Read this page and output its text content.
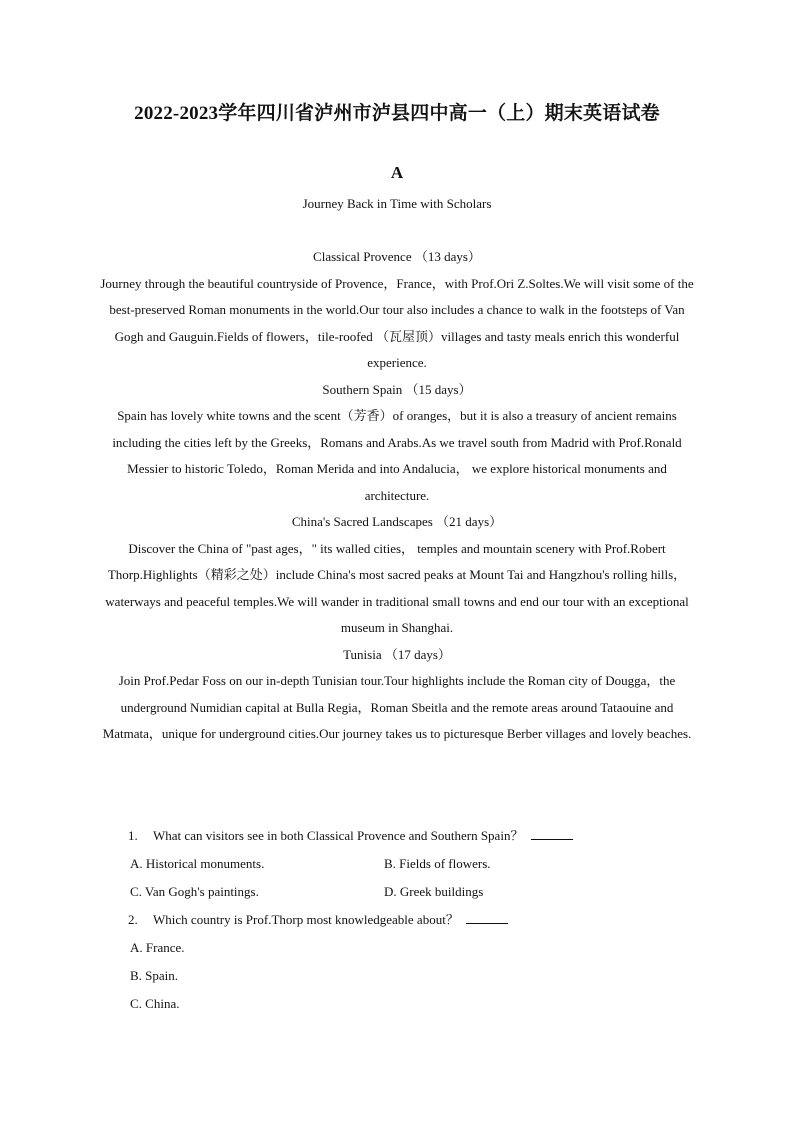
2022-2023学年四川省泸州市泸县四中高一（上）期末英语试卷
A
Journey Back in Time with Scholars

Classical Provence （13 days）

Journey through the beautiful countryside of Provence，France，with Prof.Ori Z.Soltes.We will visit some of the best-preserved Roman monuments in the world.Our tour also includes a chance to walk in the footsteps of Van Gogh and Gauguin.Fields of flowers，tile-roofed （瓦屋顶）villages and tasty meals enrich this wonderful experience.

Southern Spain （15 days）

Spain has lovely white towns and the scent（芳香）of oranges，but it is also a treasury of ancient remains including the cities left by the Greeks，Romans and Arabs.As we travel south from Madrid with Prof.Ronald Messier to historic Toledo，Roman Merida and into Andalucia， we explore historical monuments and architecture.

China's Sacred Landscapes （21 days）

Discover the China of "past ages，" its walled cities， temples and mountain scenery with Prof.Robert Thorp.Highlights（精彩之处）include China's most sacred peaks at Mount Tai and Hangzhou's rolling hills， waterways and peaceful temples.We will wander in traditional small towns and end our tour with an exceptional museum in Shanghai.

Tunisia （17 days）

Join Prof.Pedar Foss on our in-depth Tunisian tour.Tour highlights include the Roman city of Dougga，the underground Numidian capital at Bulla Regia，Roman Sbeitla and the remote areas around Tataouine and Matmata，unique for underground cities.Our journey takes us to picturesque Berber villages and lovely beaches.

1. What can visitors see in both Classical Provence and Southern Spain？
A. Historical monuments.	B. Fields of flowers.
C. Van Gogh's paintings.	D. Greek buildings
2. Which country is Prof.Thorp most knowledgeable about？
A. France.
B. Spain.
C. China.
